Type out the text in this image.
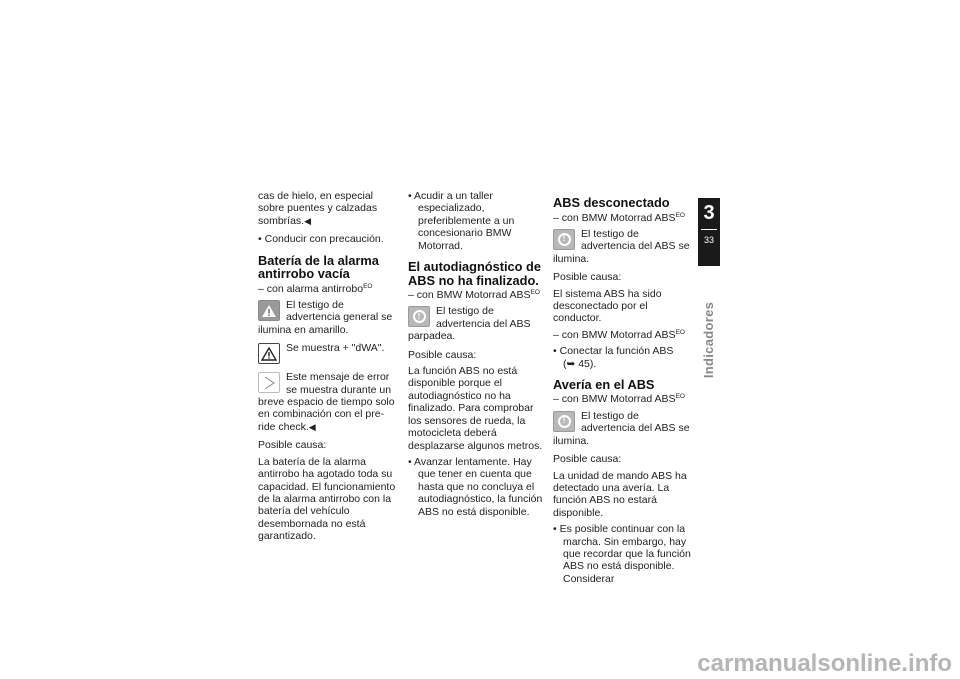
cas de hielo, en especial sobre puentes y calzadas sombrías.◀

• Conducir con precaución.

Batería de la alarma antirrobo vacía

– con alarma antirrobo$^{EO}$

El testigo de advertencia general se ilumina en amarillo.
Se muestra + "dWA".
Este mensaje de error se muestra durante un breve espacio de tiempo solo en combinación con el pre-ride check.◀

Posible causa:

La batería de la alarma antirrobo ha agotado toda su capacidad. El funcionamiento de la alarma antirrobo con la batería del vehículo desembornada no está garantizado.

• Acudir a un taller especializado, preferiblemente a un concesionario BMW Motorrad.

El autodiagnóstico de ABS no ha finalizado.

– con BMW Motorrad $ABS^{EO}$

!	El testigo de advertencia del ABS parpadea.

Posible causa:

La función ABS no está disponible porque el autodiagnóstico no ha finalizado. Para comprobar los sensores de rueda, la motocicleta deberá desplazarse algunos metros.

• Avanzar lentamente. Hay que tener en cuenta que hasta que no concluya el autodiagnóstico, la función ABS no está disponible.

ABS desconectado

– con BMW Motorrad $ABS^{EO}$

!	El testigo de advertencia del ABS se ilumina.

Posible causa:

El sistema ABS ha sido desconectado por el conductor.

– con BMW Motorrad $ABS^{EO}$

• Conectar la función ABS
(➥ 45).

Avería en el ABS

– con BMW Motorrad $ABS^{EO}$

!	El testigo de advertencia del ABS se ilumina.

Posible causa:

La unidad de mando ABS ha detectado una avería. La función ABS no estará disponible.

• Es posible continuar con la marcha. Sin embargo, hay que recordar que la función ABS no está disponible. Considerar

3
33
Indicadores
carmanualsonline.info
